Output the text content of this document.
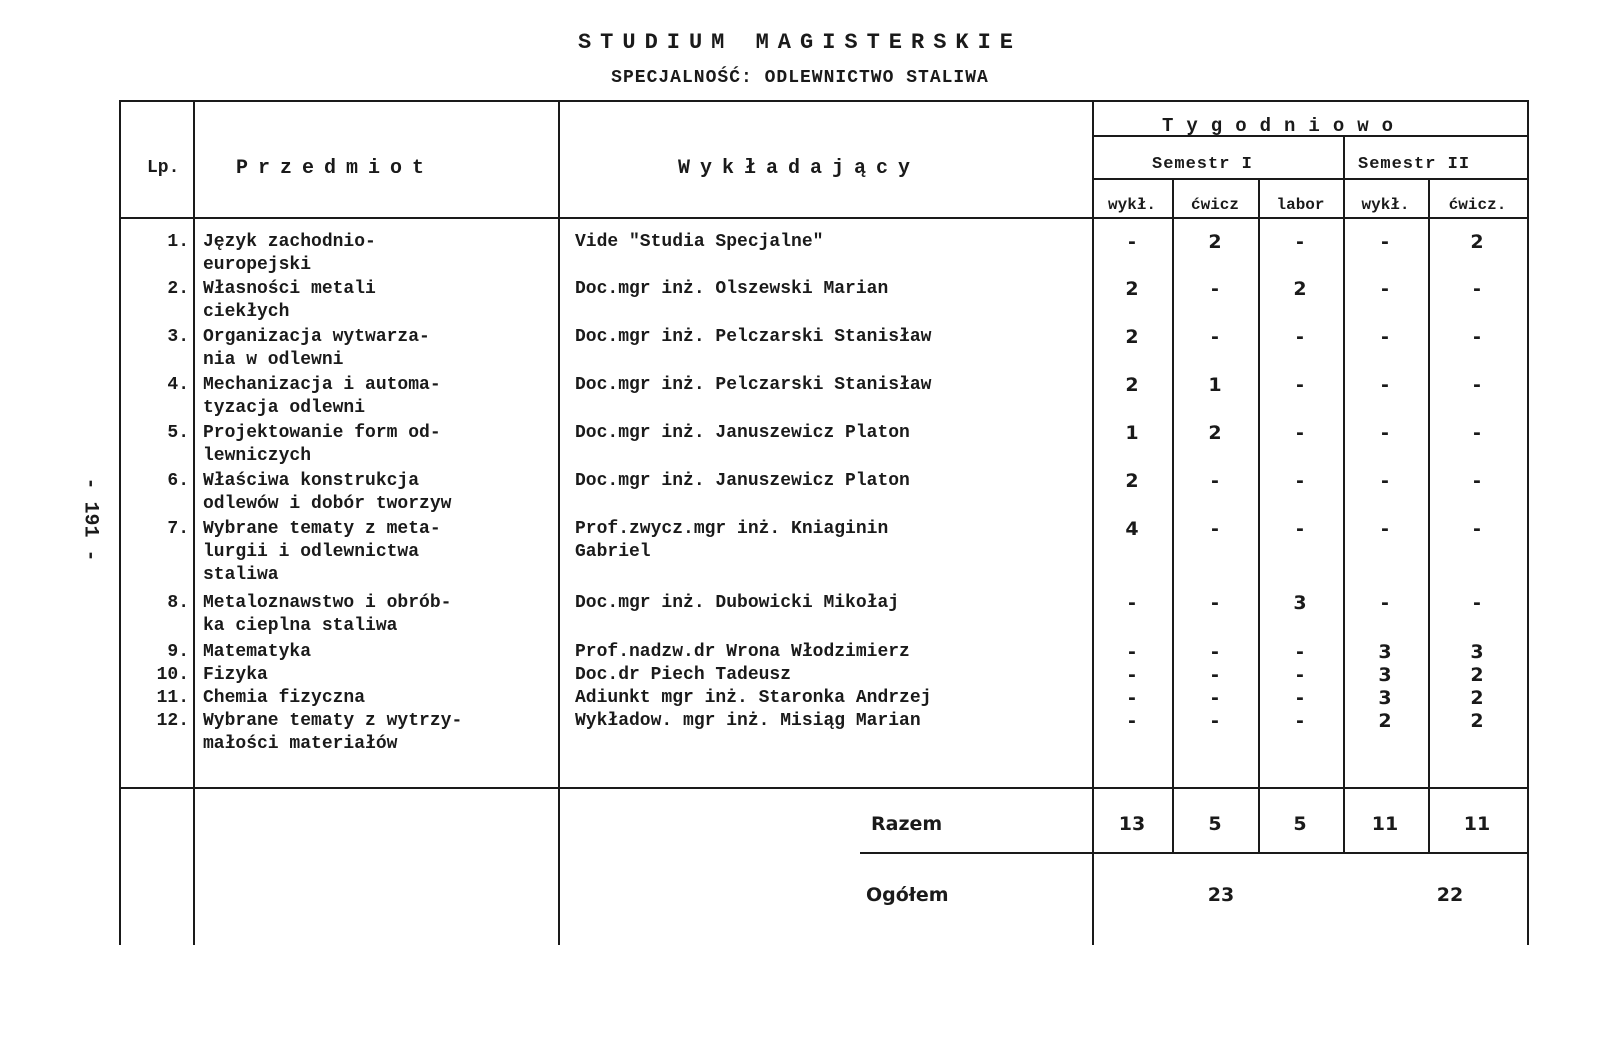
STUDIUM MAGISTERSKIE
SPECJALNOŚĆ: ODLEWNICTWO STALIWA
- 191 -
Lp.	Przedmiot	Wykładający
Tygodniowo
Semestr I	Semestr II
wykł.	ćwicz	labor	wykł.	ćwicz.
1. Język zachodnio-
europejski
Vide "Studia Specjalne"	-	2	-	-	2
2. Własności metali
ciekłych
Doc.mgr inż. Olszewski Marian	2	-	2	-	-
3. Organizacja wytwarza-
nia w odlewni
Doc.mgr inż. Pelczarski Stanisław	2	-	-	-	-
4. Mechanizacja i automa-
tyzacja odlewni
Doc.mgr inż. Pelczarski Stanisław	2	1	-	-	-
5. Projektowanie form od-
lewniczych
Doc.mgr inż. Januszewicz Platon	1	2	-	-	-
6. Właściwa konstrukcja
odlewów i dobór tworzyw
Doc.mgr inż. Januszewicz Platon	2	-	-	-	-
7. Wybrane tematy z meta-
lurgii i odlewnictwa
staliwa
Prof.zwycz.mgr inż. Kniaginin
Gabriel
4	-	-	-	-
8. Metaloznawstwo i obrób-
ka cieplna staliwa
Doc.mgr inż. Dubowicki Mikołaj	-	-	3	-	-
9. Matematyka	Prof.nadzw.dr Wrona Włodzimierz	-	-	-	3	3
10. Fizyka	Doc.dr Piech Tadeusz	-	-	-	3	2
11. Chemia fizyczna	Adiunkt mgr inż. Staronka Andrzej	-	-	-	3	2
12. Wybrane tematy z wytrzy-
małości materiałów
Wykładow. mgr inż. Misiąg Marian	-	-	-	2	2
Razem	13	5	5	11	11
Ogółem	23	22
